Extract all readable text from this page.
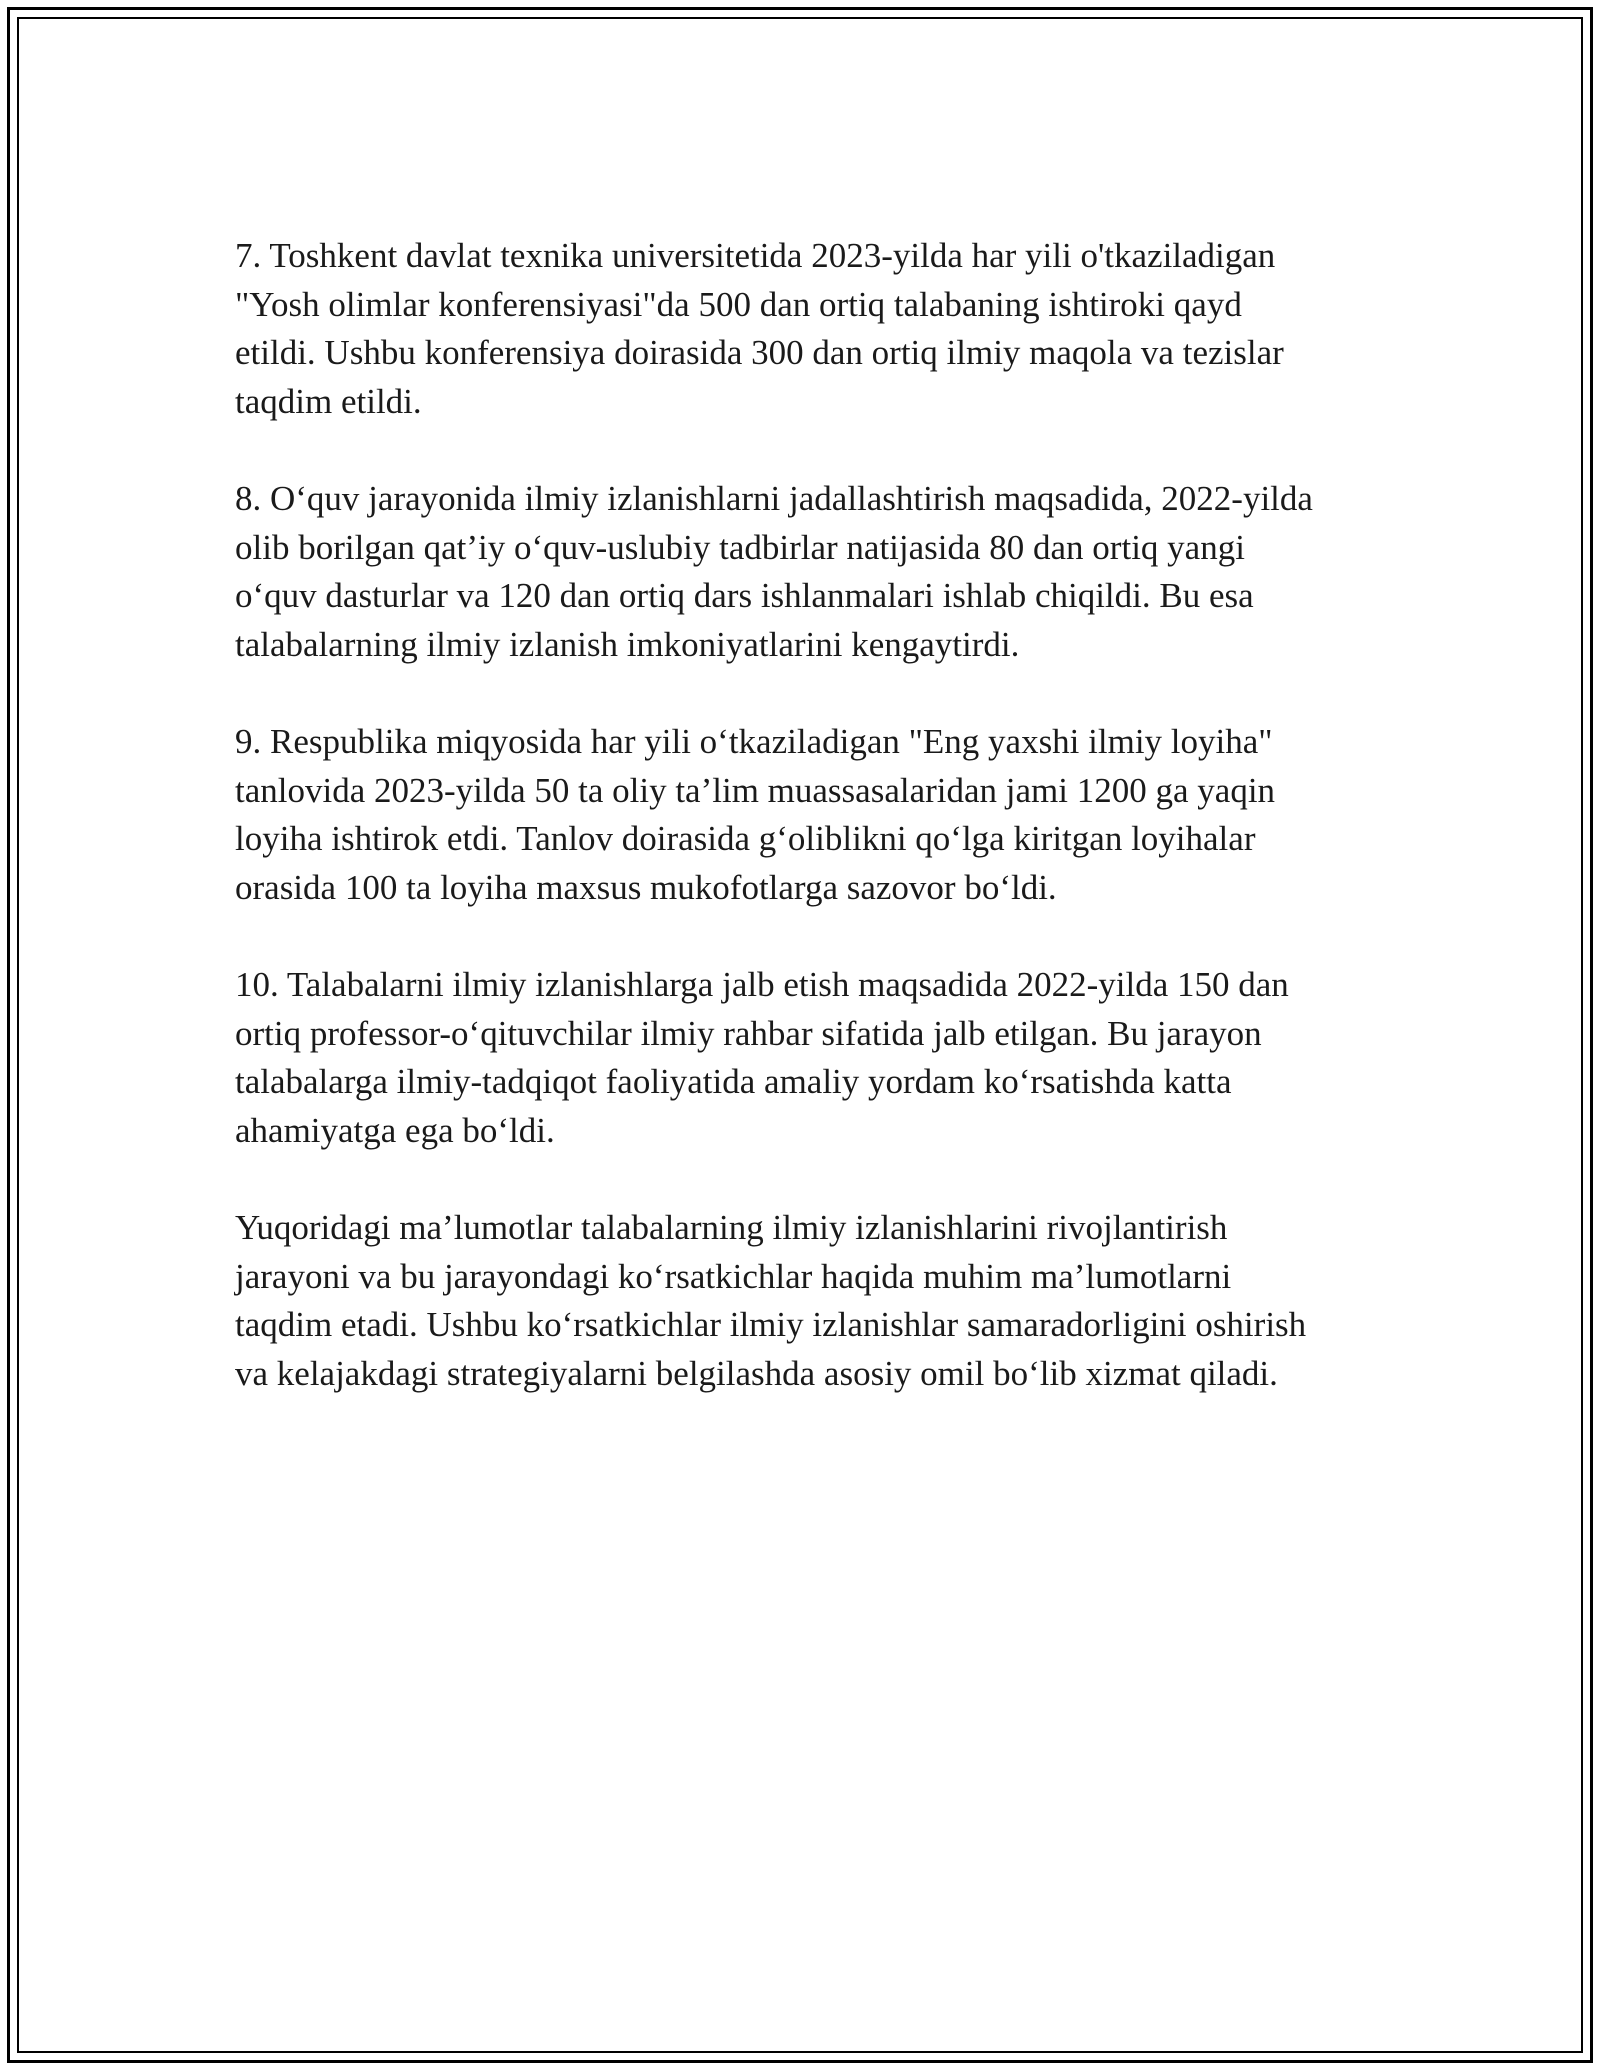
7. Toshkent davlat texnika universitetida 2023-yilda har yili o'tkaziladigan
"Yosh olimlar konferensiyasi"da 500 dan ortiq talabaning ishtiroki qayd
etildi. Ushbu konferensiya doirasida 300 dan ortiq ilmiy maqola va tezislar
taqdim etildi.

8. O‘quv jarayonida ilmiy izlanishlarni jadallashtirish maqsadida, 2022-yilda
olib borilgan qat’iy o‘quv-uslubiy tadbirlar natijasida 80 dan ortiq yangi
o‘quv dasturlar va 120 dan ortiq dars ishlanmalari ishlab chiqildi. Bu esa
talabalarning ilmiy izlanish imkoniyatlarini kengaytirdi.

9. Respublika miqyosida har yili o‘tkaziladigan "Eng yaxshi ilmiy loyiha"
tanlovida 2023-yilda 50 ta oliy ta’lim muassasalaridan jami 1200 ga yaqin
loyiha ishtirok etdi. Tanlov doirasida g‘oliblikni qo‘lga kiritgan loyihalar
orasida 100 ta loyiha maxsus mukofotlarga sazovor bo‘ldi.

10. Talabalarni ilmiy izlanishlarga jalb etish maqsadida 2022-yilda 150 dan
ortiq professor-o‘qituvchilar ilmiy rahbar sifatida jalb etilgan. Bu jarayon
talabalarga ilmiy-tadqiqot faoliyatida amaliy yordam ko‘rsatishda katta
ahamiyatga ega bo‘ldi.

Yuqoridagi ma’lumotlar talabalarning ilmiy izlanishlarini rivojlantirish
jarayoni va bu jarayondagi ko‘rsatkichlar haqida muhim ma’lumotlarni
taqdim etadi. Ushbu ko‘rsatkichlar ilmiy izlanishlar samaradorligini oshirish
va kelajakdagi strategiyalarni belgilashda asosiy omil bo‘lib xizmat qiladi.
